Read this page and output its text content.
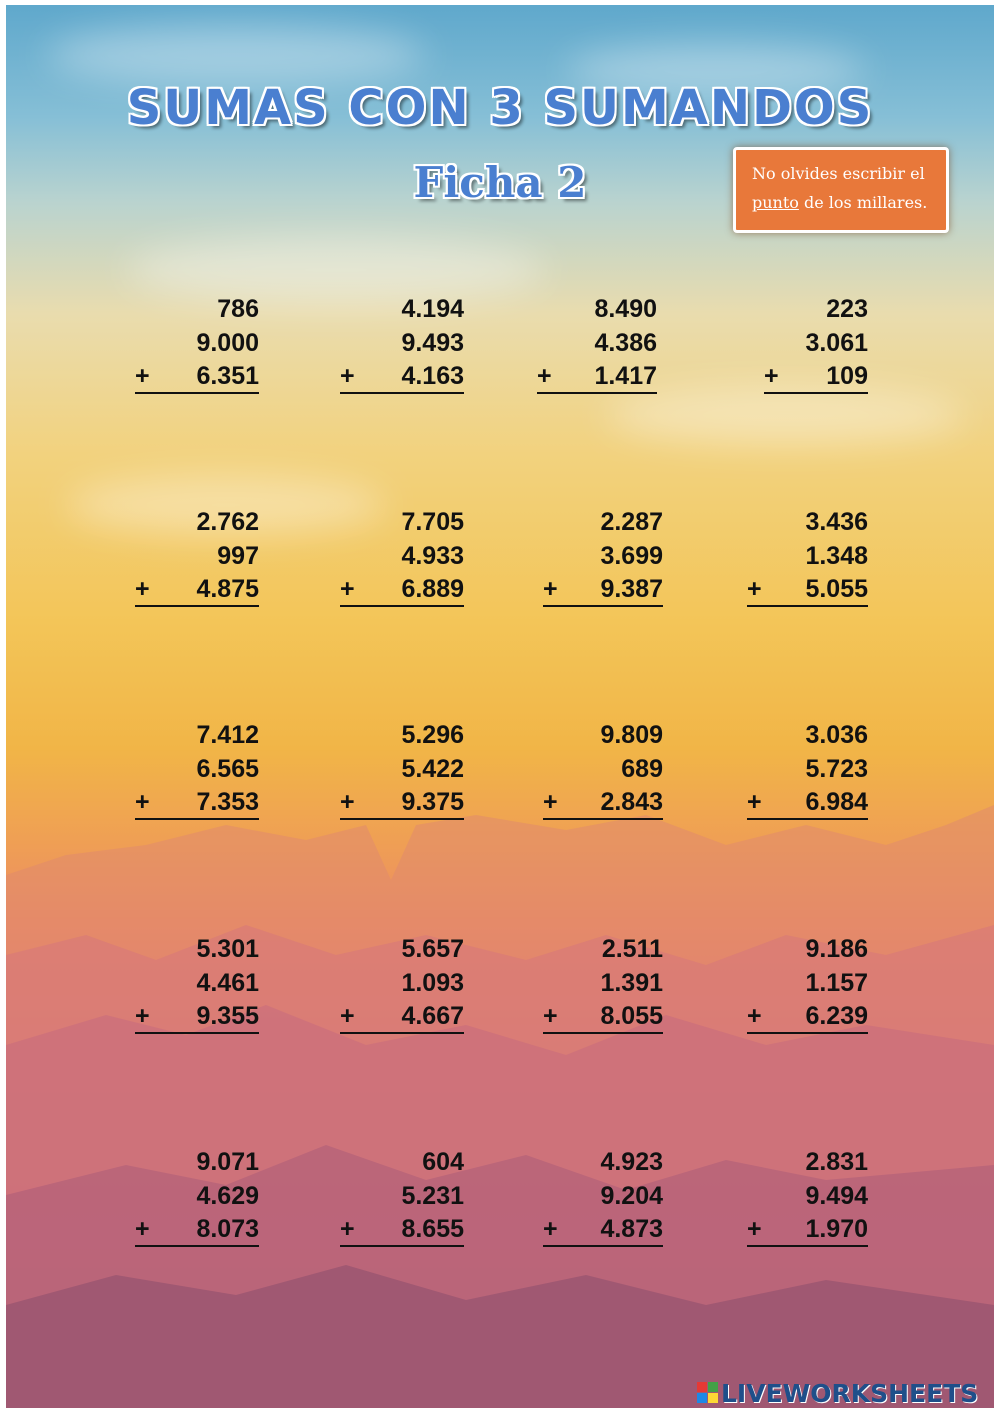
SUMAS CON 3 SUMANDOS
Ficha 2	No olvides escribir el
punto de los millares.
786
9.000
+ 6.351
4.194
9.493
+ 4.163
8.490
4.386
+ 1.417
223
3.061
+ 109
2.762
997
+ 4.875
7.705
4.933
+ 6.889
2.287
3.699
+ 9.387
3.436
1.348
+ 5.055
7.412
6.565
+ 7.353
5.296
5.422
+ 9.375
9.809
689
+ 2.843
3.036
5.723
+ 6.984
5.301
4.461
+ 9.355
5.657
1.093
+ 4.667
2.511
1.391
+ 8.055
9.186
1.157
+ 6.239
9.071
4.629
+ 8.073
604
5.231
+ 8.655
4.923
9.204
+ 4.873
2.831
9.494
+ 1.970
LIVEWORKSHEETS
